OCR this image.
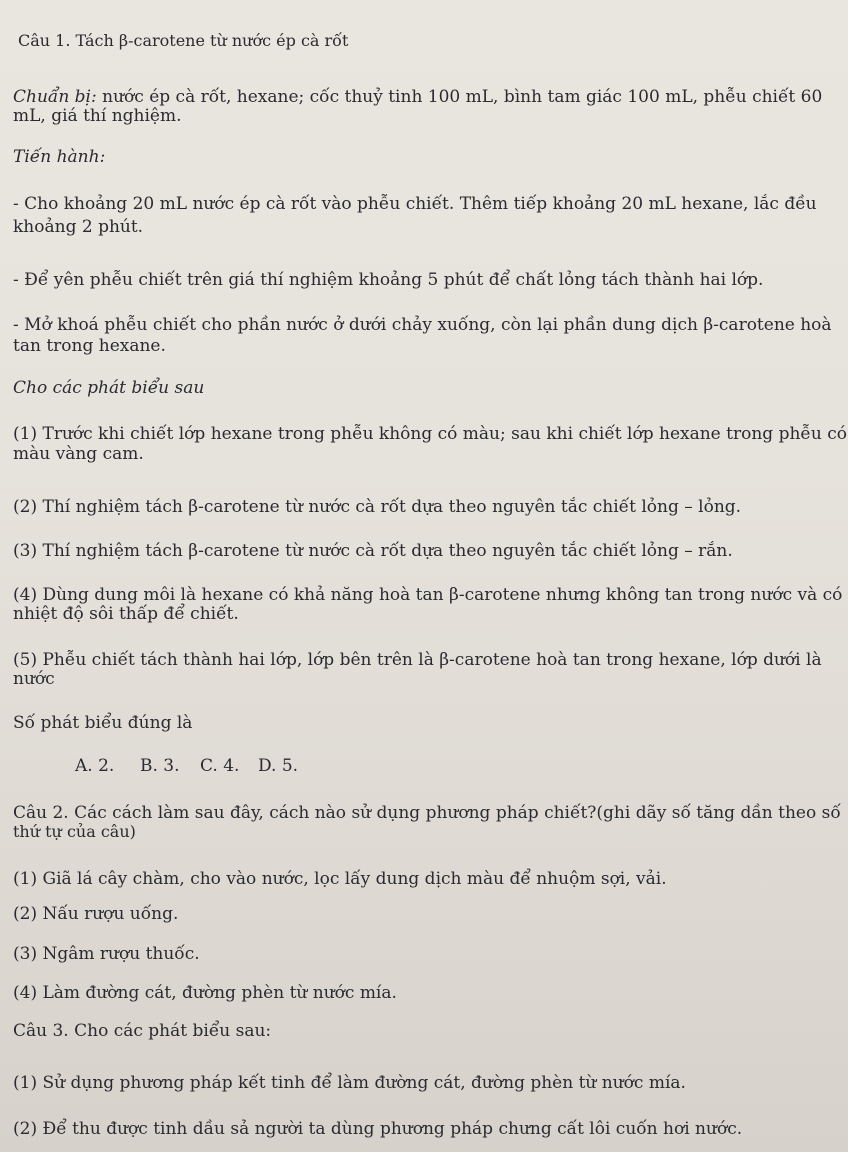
Câu 1. Tách β-carotene từ nước ép cà rốt
Chuẩn bị: nước ép cà rốt, hexane; cốc thuỷ tinh 100 mL, bình tam giác 100 mL, phễu chiết 60
mL, giá thí nghiệm.
Tiến hành:
- Cho khoảng 20 mL nước ép cà rốt vào phễu chiết. Thêm tiếp khoảng 20 mL hexane, lắc đều
khoảng 2 phút.
- Để yên phễu chiết trên giá thí nghiệm khoảng 5 phút để chất lỏng tách thành hai lớp.
- Mở khoá phễu chiết cho phần nước ở dưới chảy xuống, còn lại phần dung dịch β-carotene hoà
tan trong hexane.
Cho các phát biểu sau
(1) Trước khi chiết lớp hexane trong phễu không có màu; sau khi chiết lớp hexane trong phễu có
màu vàng cam.
(2) Thí nghiệm tách β-carotene từ nước cà rốt dựa theo nguyên tắc chiết lỏng – lỏng.
(3) Thí nghiệm tách β-carotene từ nước cà rốt dựa theo nguyên tắc chiết lỏng – rắn.
(4) Dùng dung môi là hexane có khả năng hoà tan β-carotene nhưng không tan trong nước và có
nhiệt độ sôi thấp để chiết.
(5) Phễu chiết tách thành hai lớp, lớp bên trên là β-carotene hoà tan trong hexane, lớp dưới là
nước
Số phát biểu đúng là
A. 2. B. 3. C. 4. D. 5.
Câu 2. Các cách làm sau đây, cách nào sử dụng phương pháp chiết?(ghi dãy số tăng dần theo số
thứ tự của câu)
(1) Giã lá cây chàm, cho vào nước, lọc lấy dung dịch màu để nhuộm sợi, vải.
(2) Nấu rượu uống.
(3) Ngâm rượu thuốc.
(4) Làm đường cát, đường phèn từ nước mía.
Câu 3. Cho các phát biểu sau:
(1) Sử dụng phương pháp kết tinh để làm đường cát, đường phèn từ nước mía.
(2) Để thu được tinh dầu sả người ta dùng phương pháp chưng cất lôi cuốn hơi nước.
